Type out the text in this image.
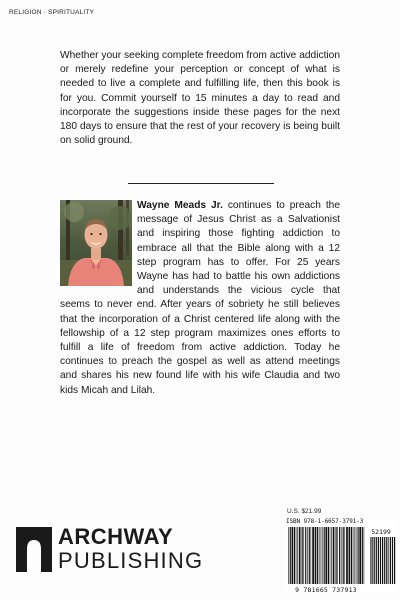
RELIGION · SPIRITUALITY

Whether your seeking complete freedom from active addiction or merely redefine your perception or concept of what is needed to live a complete and fulfilling life, then this book is for you. Commit yourself to 15 minutes a day to read and incorporate the suggestions inside these pages for the next 180 days to ensure that the rest of your recovery is being built on solid ground.

Wayne Meads Jr. continues to preach the message of Jesus Christ as a Salvationist and inspiring those fighting addiction to embrace all that the Bible along with a 12 step program has to offer. For 25 years Wayne has had to battle his own addictions and understands the vicious cycle that seems to never end. After years of sobriety he still believes that the incorporation of a Christ centered life along with the fellowship of a 12 step program maximizes ones efforts to fulfill a life of freedom from active addiction. Today he continues to preach the gospel as well as attend meetings and shares his new found life with his wife Claudia and two kids Micah and Lilah.

U.S. $21.99
ISBN 978-1-6657-3791-3
52199
9 781665 737913
ARCHWAY
PUBLISHING
